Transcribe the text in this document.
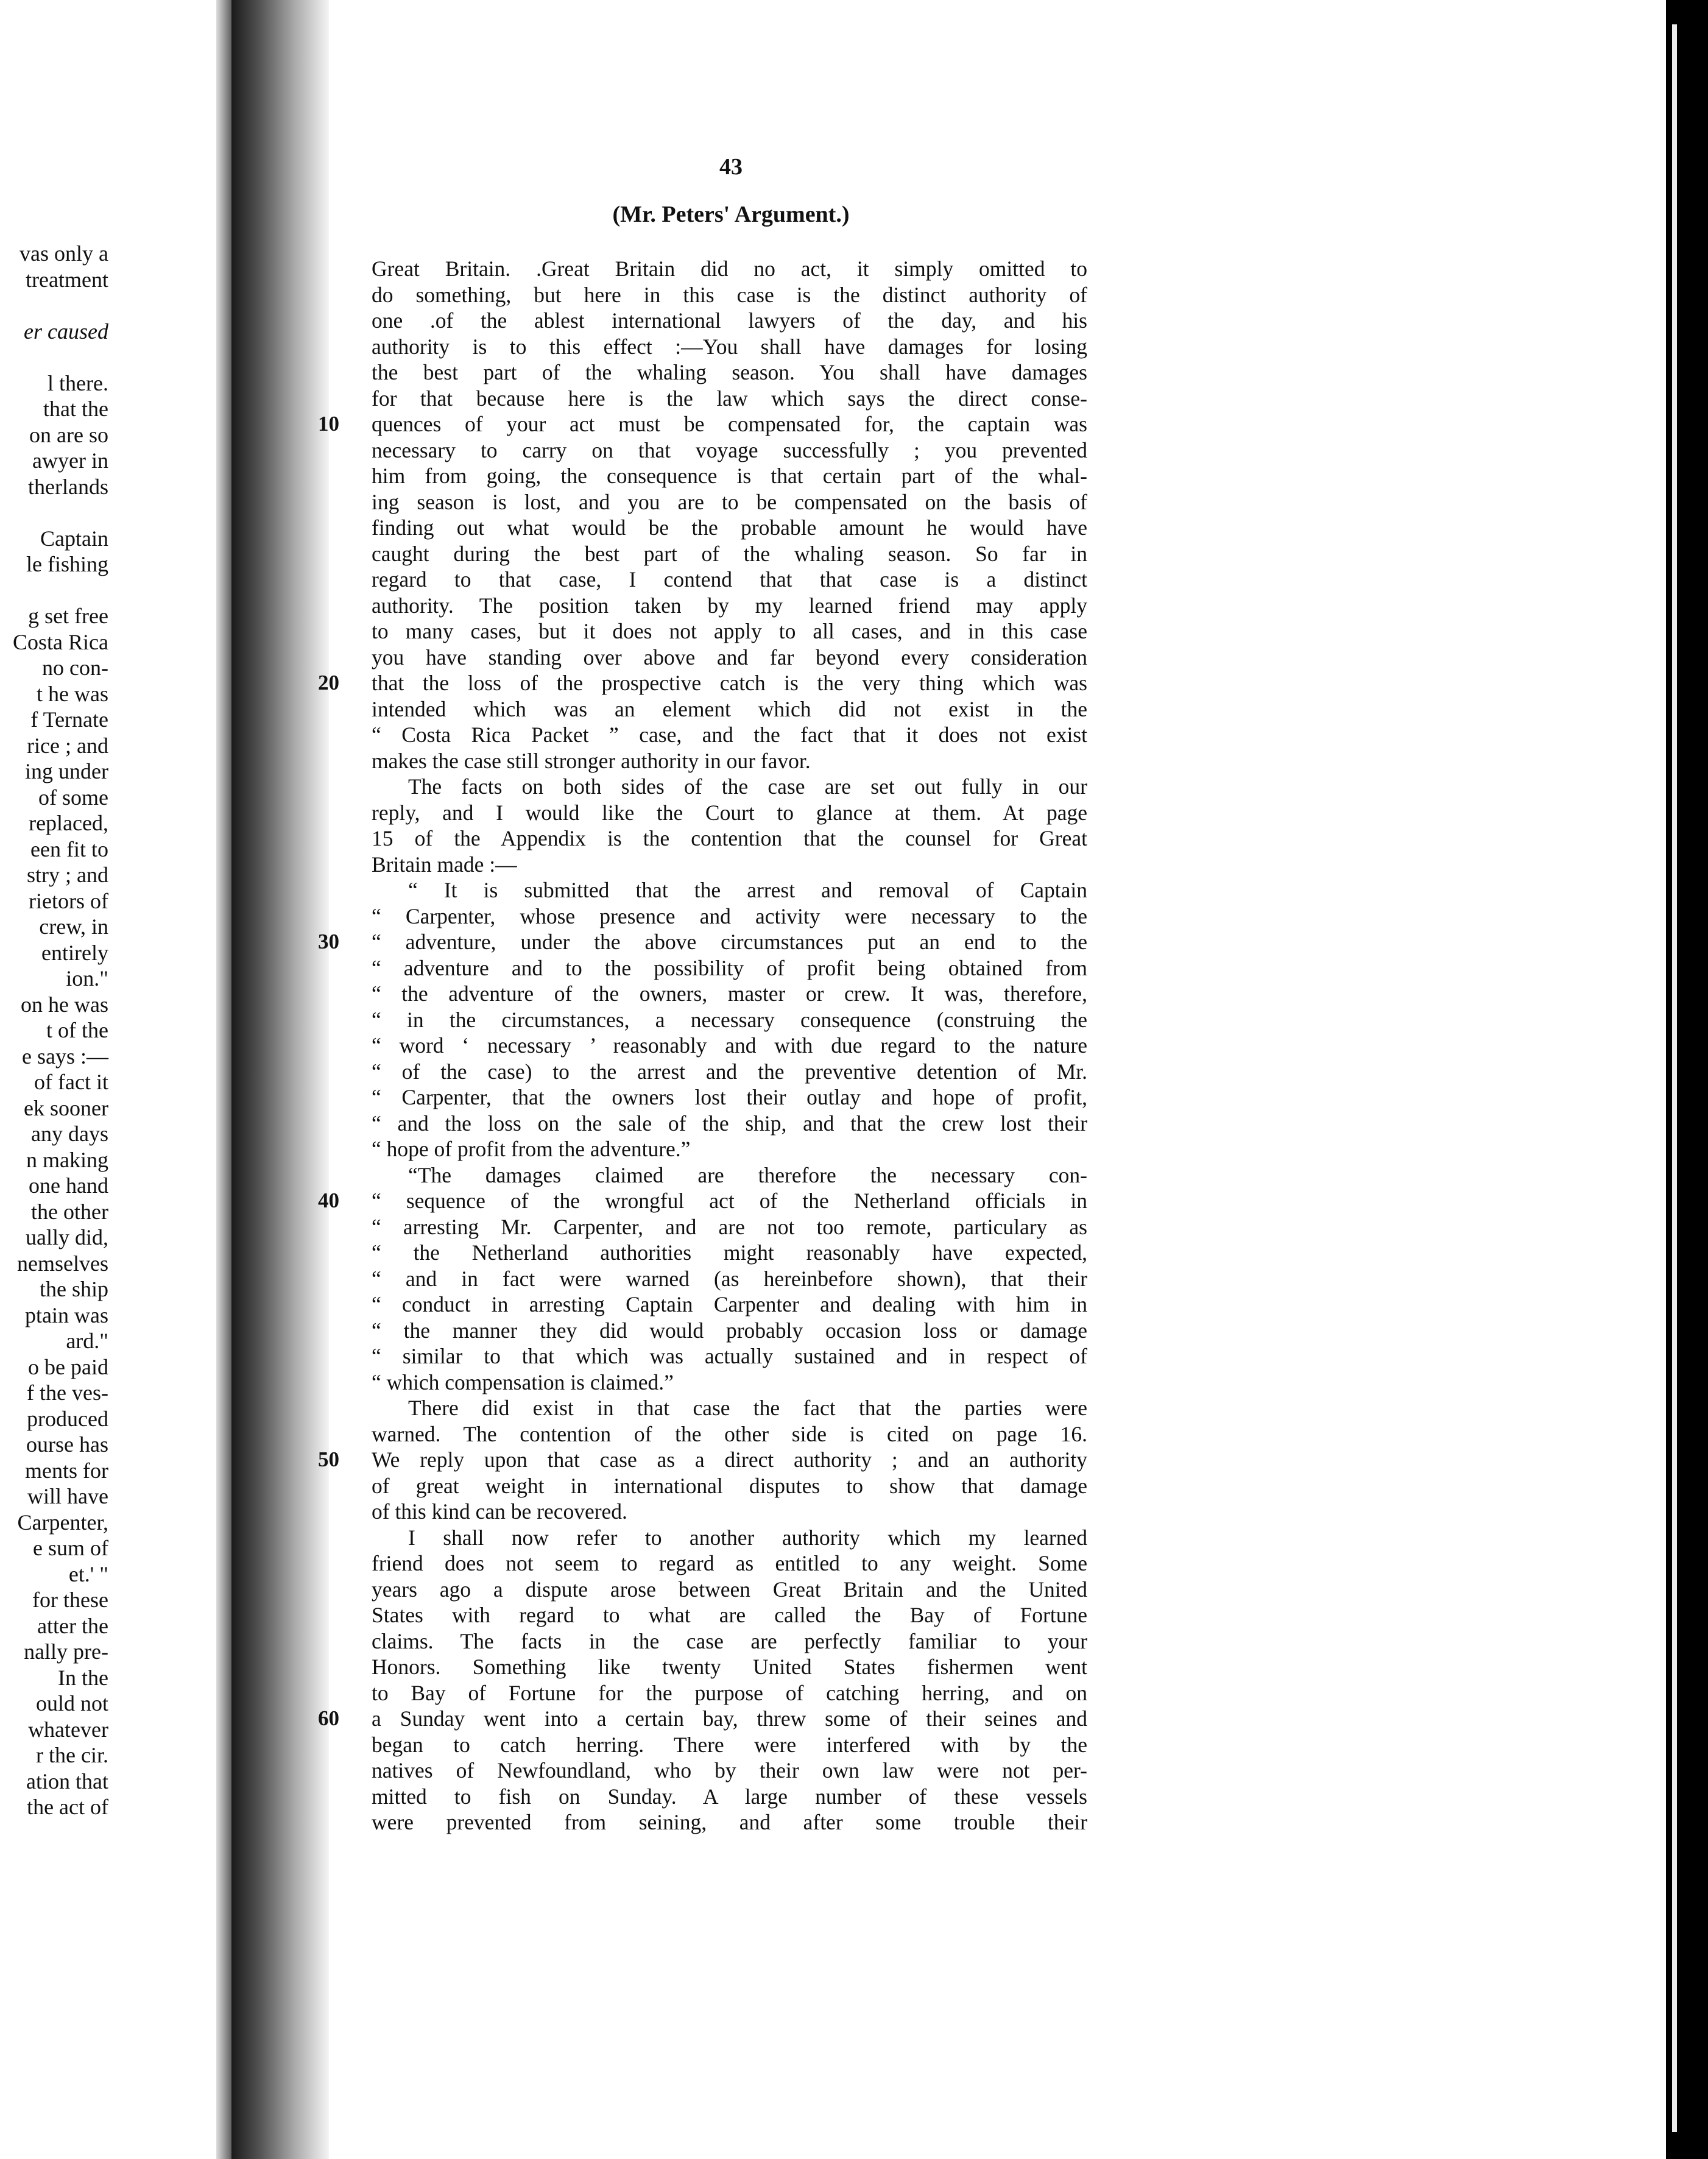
vas only a
treatment
er caused
l there.
that the
on are so
awyer in
therlands
Captain
le fishing
g set free
Costa Rica
no con-
t he was
f Ternate
rice ; and
ing under
of some
replaced,
een fit to
stry ; and
rietors of
crew, in
entirely
ion."
on he was
t of the
e says :—
of fact it
ek sooner
any days
n making
one hand
the other
ually did,
nemselves
the ship
ptain was
ard."
o be paid
f the ves-
produced
ourse has
ments for
will have
Carpenter,
e sum of
et.' "
for these
atter the
nally pre-
In the
ould not
whatever
r the cir.
ation that
the act of
43
(Mr. Peters' Argument.)
Great Britain. .Great Britain did no act, it simply omitted to
do something, but here in this case is the distinct authority of
one .of the ablest international lawyers of the day, and his
authority is to this effect :—You shall have damages for losing
the best part of the whaling season. You shall have damages
for that because here is the law which says the direct conse-
quences of your act must be compensated for, the captain was
10
necessary to carry on that voyage successfully ; you prevented
him from going, the consequence is that certain part of the whal-
ing season is lost, and you are to be compensated on the basis of
finding out what would be the probable amount he would have
caught during the best part of the whaling season. So far in
regard to that case, I contend that that case is a distinct
authority. The position taken by my learned friend may apply
to many cases, but it does not apply to all cases, and in this case
you have standing over above and far beyond every consideration
that the loss of the prospective catch is the very thing which was
20
intended which was an element which did not exist in the
“ Costa Rica Packet ” case, and the fact that it does not exist
makes the case still stronger authority in our favor.
The facts on both sides of the case are set out fully in our
reply, and I would like the Court to glance at them. At page
15 of the Appendix is the contention that the counsel for Great
Britain made :—
“ It is submitted that the arrest and removal of Captain
“ Carpenter, whose presence and activity were necessary to the
“ adventure, under the above circumstances put an end to the
30
“ adventure and to the possibility of profit being obtained from
“ the adventure of the owners, master or crew. It was, therefore,
“ in the circumstances, a necessary consequence (construing the
“ word ‘ necessary ’ reasonably and with due regard to the nature
“ of the case) to the arrest and the preventive detention of Mr.
“ Carpenter, that the owners lost their outlay and hope of profit,
“ and the loss on the sale of the ship, and that the crew lost their
“ hope of profit from the adventure.”
“The damages claimed are therefore the necessary con-
“ sequence of the wrongful act of the Netherland officials in
40
“ arresting Mr. Carpenter, and are not too remote, particulary as
“ the Netherland authorities might reasonably have expected,
“ and in fact were warned (as hereinbefore shown), that their
“ conduct in arresting Captain Carpenter and dealing with him in
“ the manner they did would probably occasion loss or damage
“ similar to that which was actually sustained and in respect of
“ which compensation is claimed.”
There did exist in that case the fact that the parties were
warned. The contention of the other side is cited on page 16.
We reply upon that case as a direct authority ; and an authority
50
of great weight in international disputes to show that damage
of this kind can be recovered.
I shall now refer to another authority which my learned
friend does not seem to regard as entitled to any weight. Some
years ago a dispute arose between Great Britain and the United
States with regard to what are called the Bay of Fortune
claims. The facts in the case are perfectly familiar to your
Honors. Something like twenty United States fishermen went
to Bay of Fortune for the purpose of catching herring, and on
a Sunday went into a certain bay, threw some of their seines and
60
began to catch herring. There were interfered with by the
natives of Newfoundland, who by their own law were not per-
mitted to fish on Sunday. A large number of these vessels
were prevented from seining, and after some trouble their
